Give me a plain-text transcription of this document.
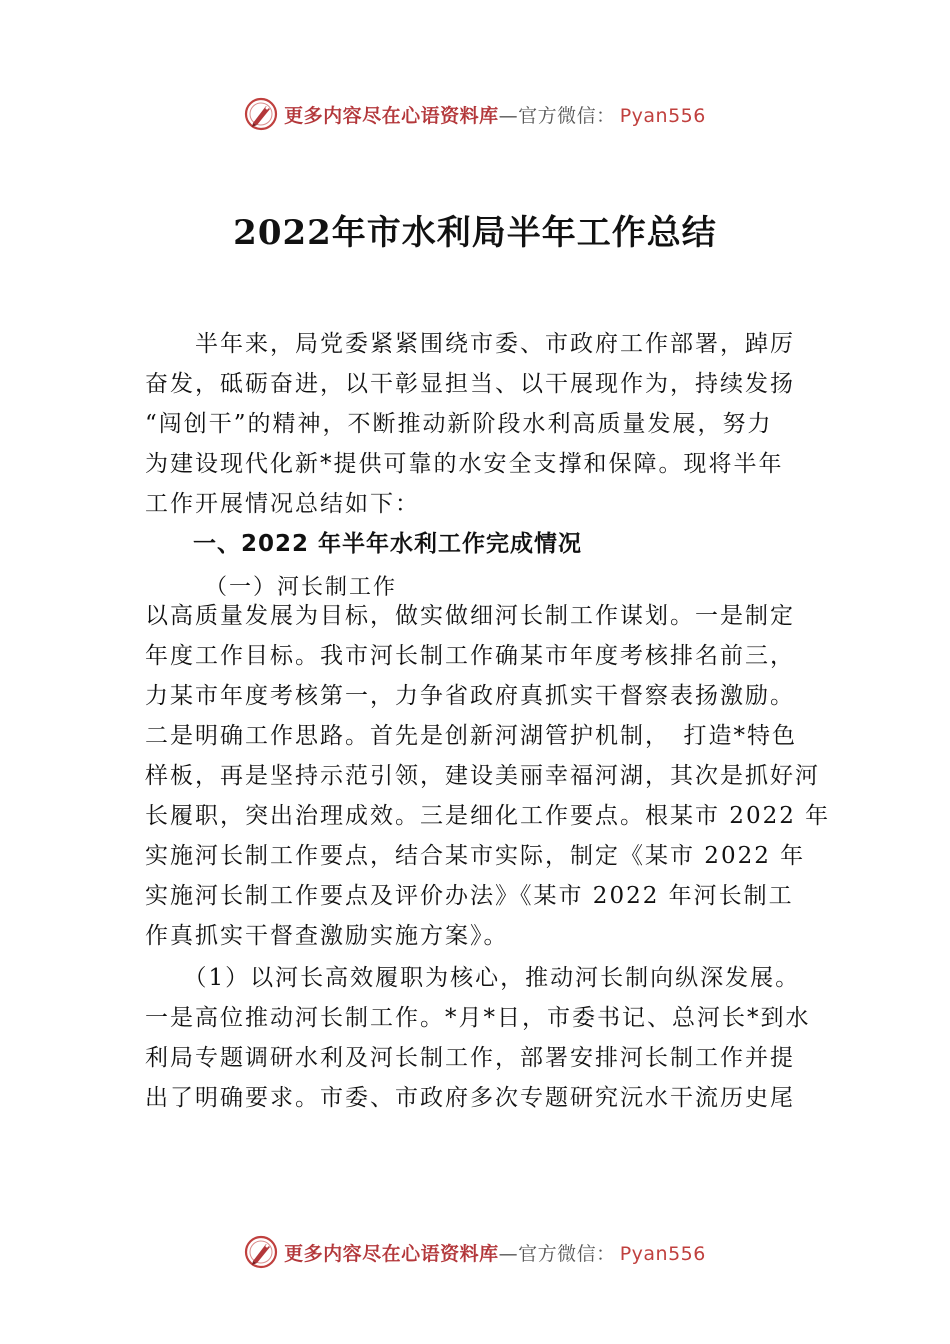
更多内容尽在心语资料库—官方微信： Pyan556
2022年市水利局半年工作总结
　　半年来，局党委紧紧围绕市委、市政府工作部署，踔厉
奋发，砥砺奋进，以干彰显担当、以干展现作为，持续发扬
“闯创干”的精神，不断推动新阶段水利高质量发展，努力
为建设现代化新*提供可靠的水安全支撑和保障。现将半年
工作开展情况总结如下：
一、2022 年半年水利工作完成情况
（一）河长制工作
以高质量发展为目标，做实做细河长制工作谋划。一是制定
年度工作目标。我市河长制工作确某市年度考核排名前三，
力某市年度考核第一，力争省政府真抓实干督察表扬激励。
二是明确工作思路。首先是创新河湖管护机制，　打造*特色
样板，再是坚持示范引领，建设美丽幸福河湖，其次是抓好河
长履职，突出治理成效。三是细化工作要点。根某市 2022 年
实施河长制工作要点，结合某市实际，制定《某市 2022 年
实施河长制工作要点及评价办法》《某市 2022 年河长制工
作真抓实干督查激励实施方案》。
　　（1）以河长高效履职为核心，推动河长制向纵深发展。
一是高位推动河长制工作。*月*日，市委书记、总河长*到水
利局专题调研水利及河长制工作，部署安排河长制工作并提
出了明确要求。市委、市政府多次专题研究沅水干流历史尾
更多内容尽在心语资料库—官方微信： Pyan556
